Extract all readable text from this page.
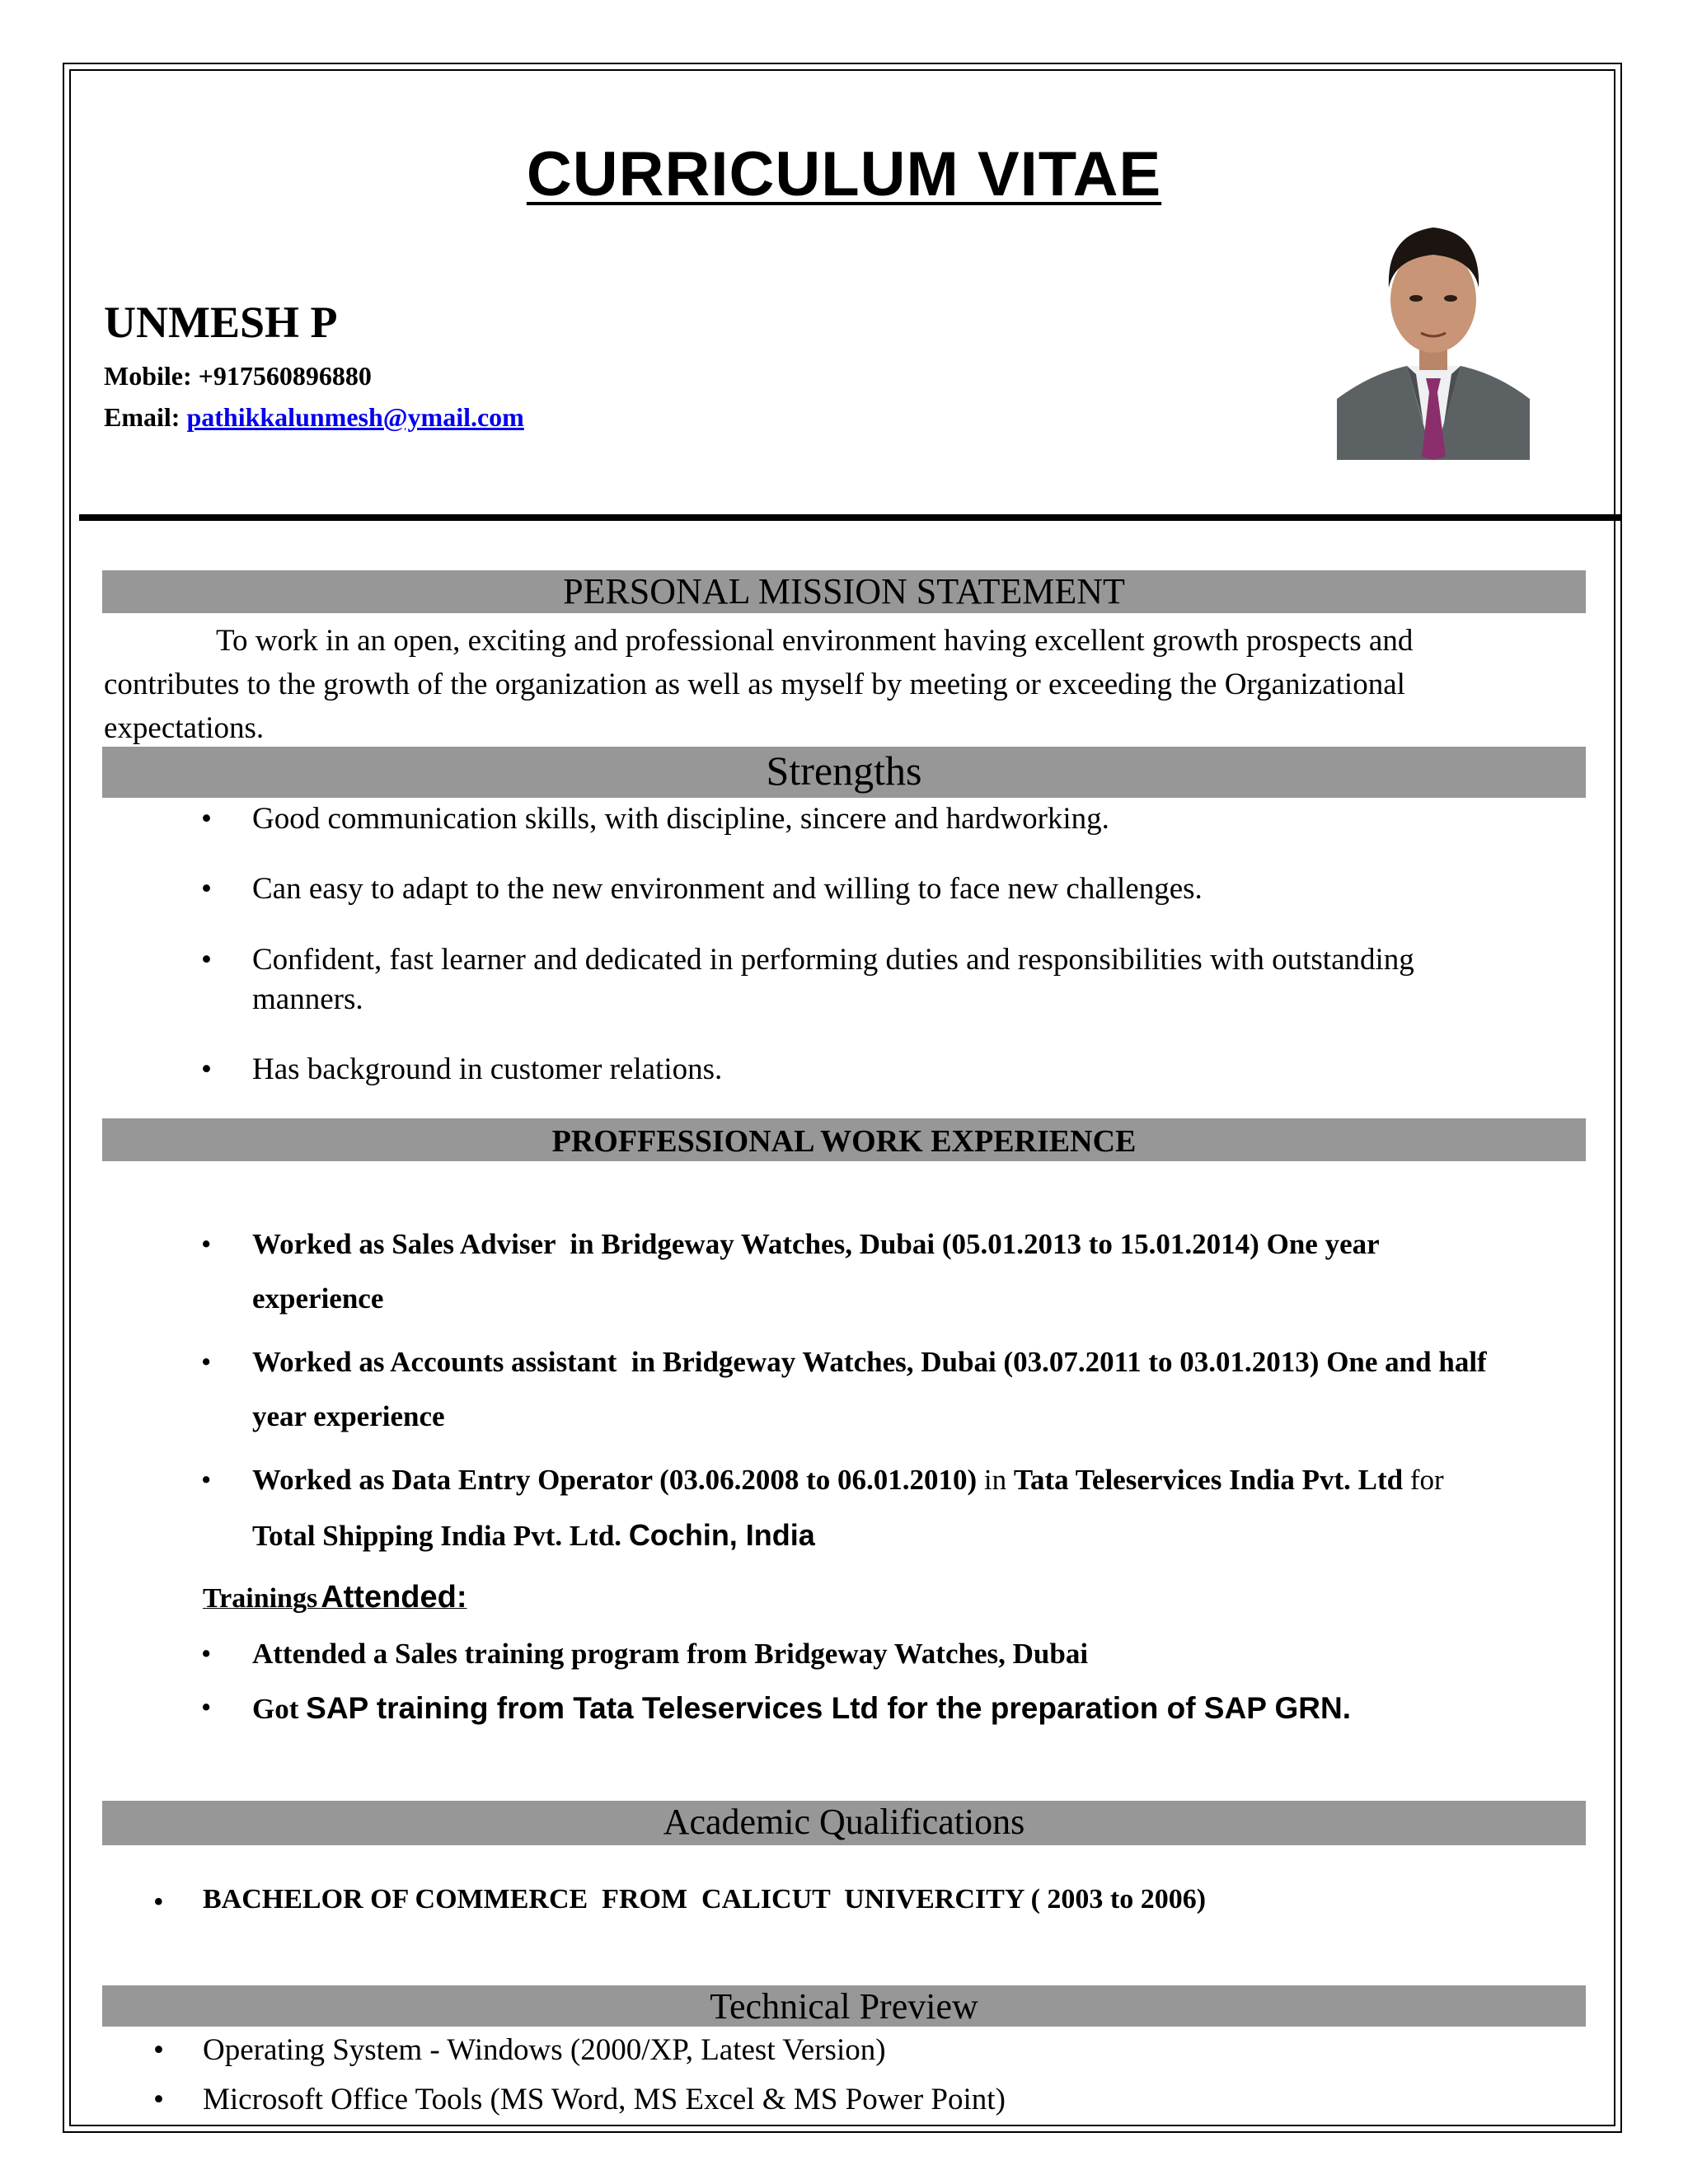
CURRICULUM VITAE
UNMESH P
Mobile: +917560896880
Email: pathikkalunmesh@ymail.com
PERSONAL MISSION STATEMENT
To work in an open, exciting and professional environment having excellent growth prospects and
contributes to the growth of the organization as well as myself by meeting or exceeding the Organizational
expectations.
Strengths
• Good communication skills, with discipline, sincere and hardworking.
• Can easy to adapt to the new environment and willing to face new challenges.
• Confident, fast learner and dedicated in performing duties and responsibilities with outstanding
manners.
• Has background in customer relations.
PROFFESSIONAL WORK EXPERIENCE
• Worked as Sales Adviser  in Bridgeway Watches, Dubai (05.01.2013 to 15.01.2014) One year
experience
• Worked as Accounts assistant  in Bridgeway Watches, Dubai (03.07.2011 to 03.01.2013) One and half
year experience
• Worked as Data Entry Operator (03.06.2008 to 06.01.2010) in Tata Teleservices India Pvt. Ltd for
Total Shipping India Pvt. Ltd. Cochin, India
Trainings Attended:
• Attended a Sales training program from Bridgeway Watches, Dubai
• Got SAP training from Tata Teleservices Ltd for the preparation of SAP GRN.
Academic Qualifications
• BACHELOR OF COMMERCE  FROM  CALICUT  UNIVERCITY ( 2003 to 2006)
Technical Preview
• Operating System - Windows (2000/XP, Latest Version)
• Microsoft Office Tools (MS Word, MS Excel & MS Power Point)
